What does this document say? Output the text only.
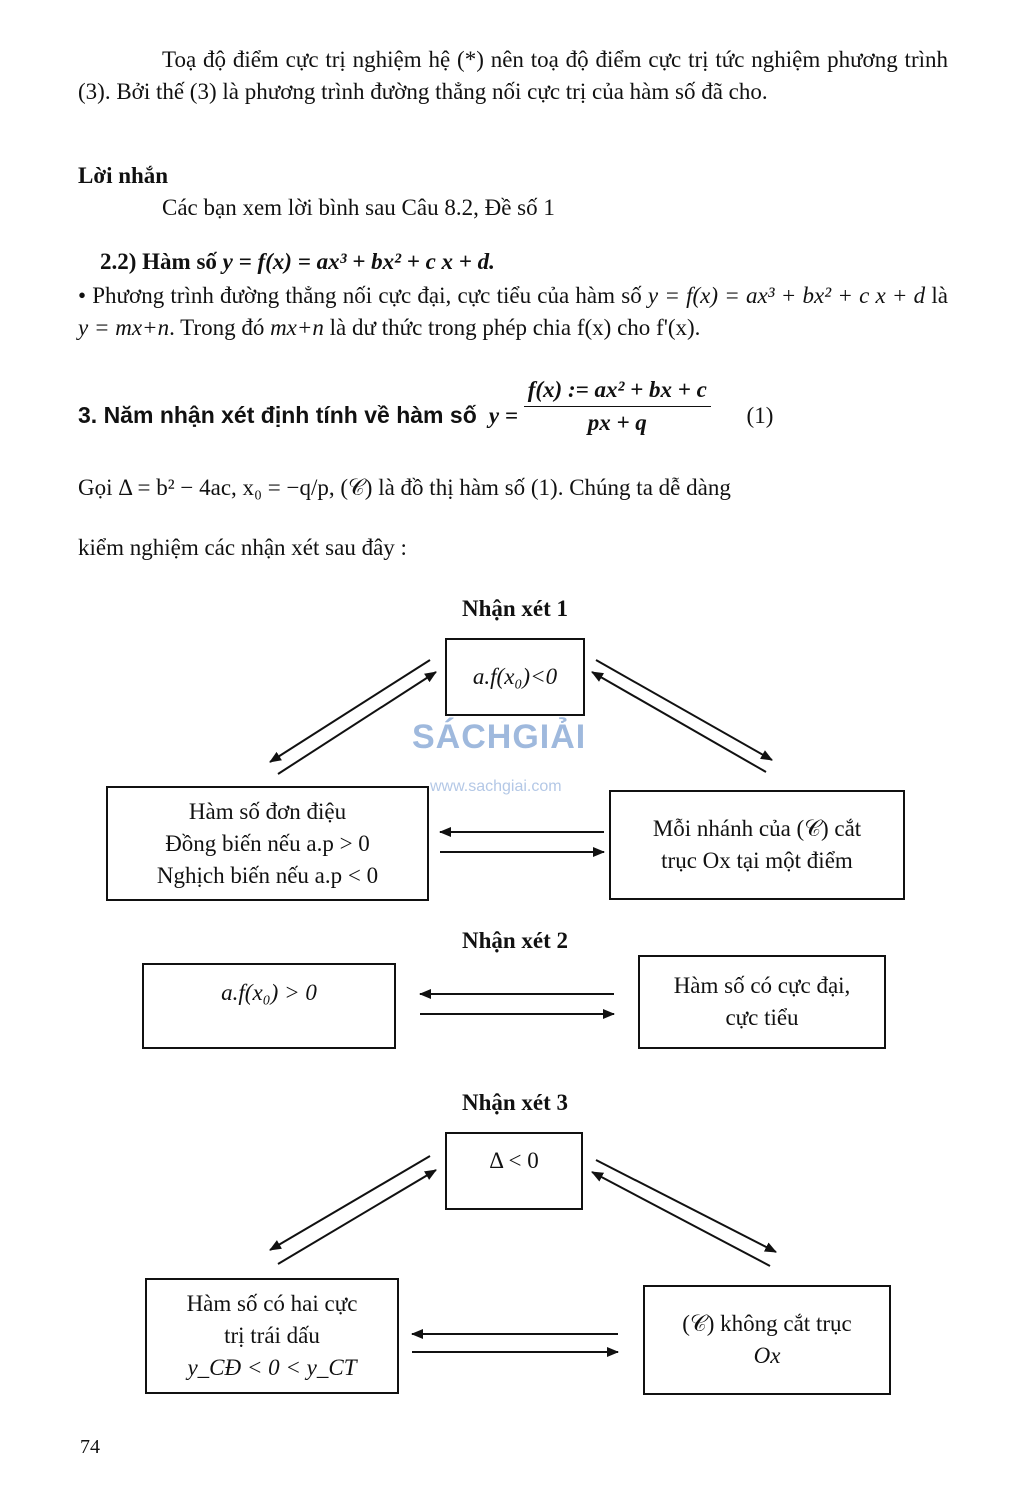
Toạ độ điểm cực trị nghiệm hệ (*) nên toạ độ điểm cực trị tức nghiệm phương trình (3). Bởi thế (3) là phương trình đường thẳng nối cực trị của hàm số đã cho.

Lời nhắn
Các bạn xem lời bình sau Câu 8.2, Đề số 1
2.2) Hàm số y = f(x) = ax³ + bx² + c x + d.
• Phương trình đường thẳng nối cực đại, cực tiểu của hàm số y = f(x) = ax³ + bx² + c x + d là y = mx+n. Trong đó mx+n là dư thức trong phép chia f(x) cho f'(x).
3. Năm nhận xét định tính về hàm số  $y = \frac{\text{f(x) := ax² + bx + c}}{px + q} (1)$
Gọi Δ = b² − 4ac, x₀ = −q/p, (𝒞) là đồ thị hàm số (1). Chúng ta dễ dàng
kiểm nghiệm các nhận xét sau đây :
SÁCHGIẢI
www.sachgiai.com
Nhận xét 1
a.f(x₀)<0
Hàm số đơn điệu
Đồng biến nếu a.p > 0
Nghịch biến nếu a.p < 0
Mỗi nhánh của (𝒞) cắt
trục Ox tại một điểm
Nhận xét 2
a.f(x₀) > 0	Hàm số có cực đại,
cực tiểu
Nhận xét 3
Δ < 0
Hàm số có hai cực
trị trái dấu
y_CĐ < 0 < y_CT
(𝒞) không cắt trục
Ox
74
